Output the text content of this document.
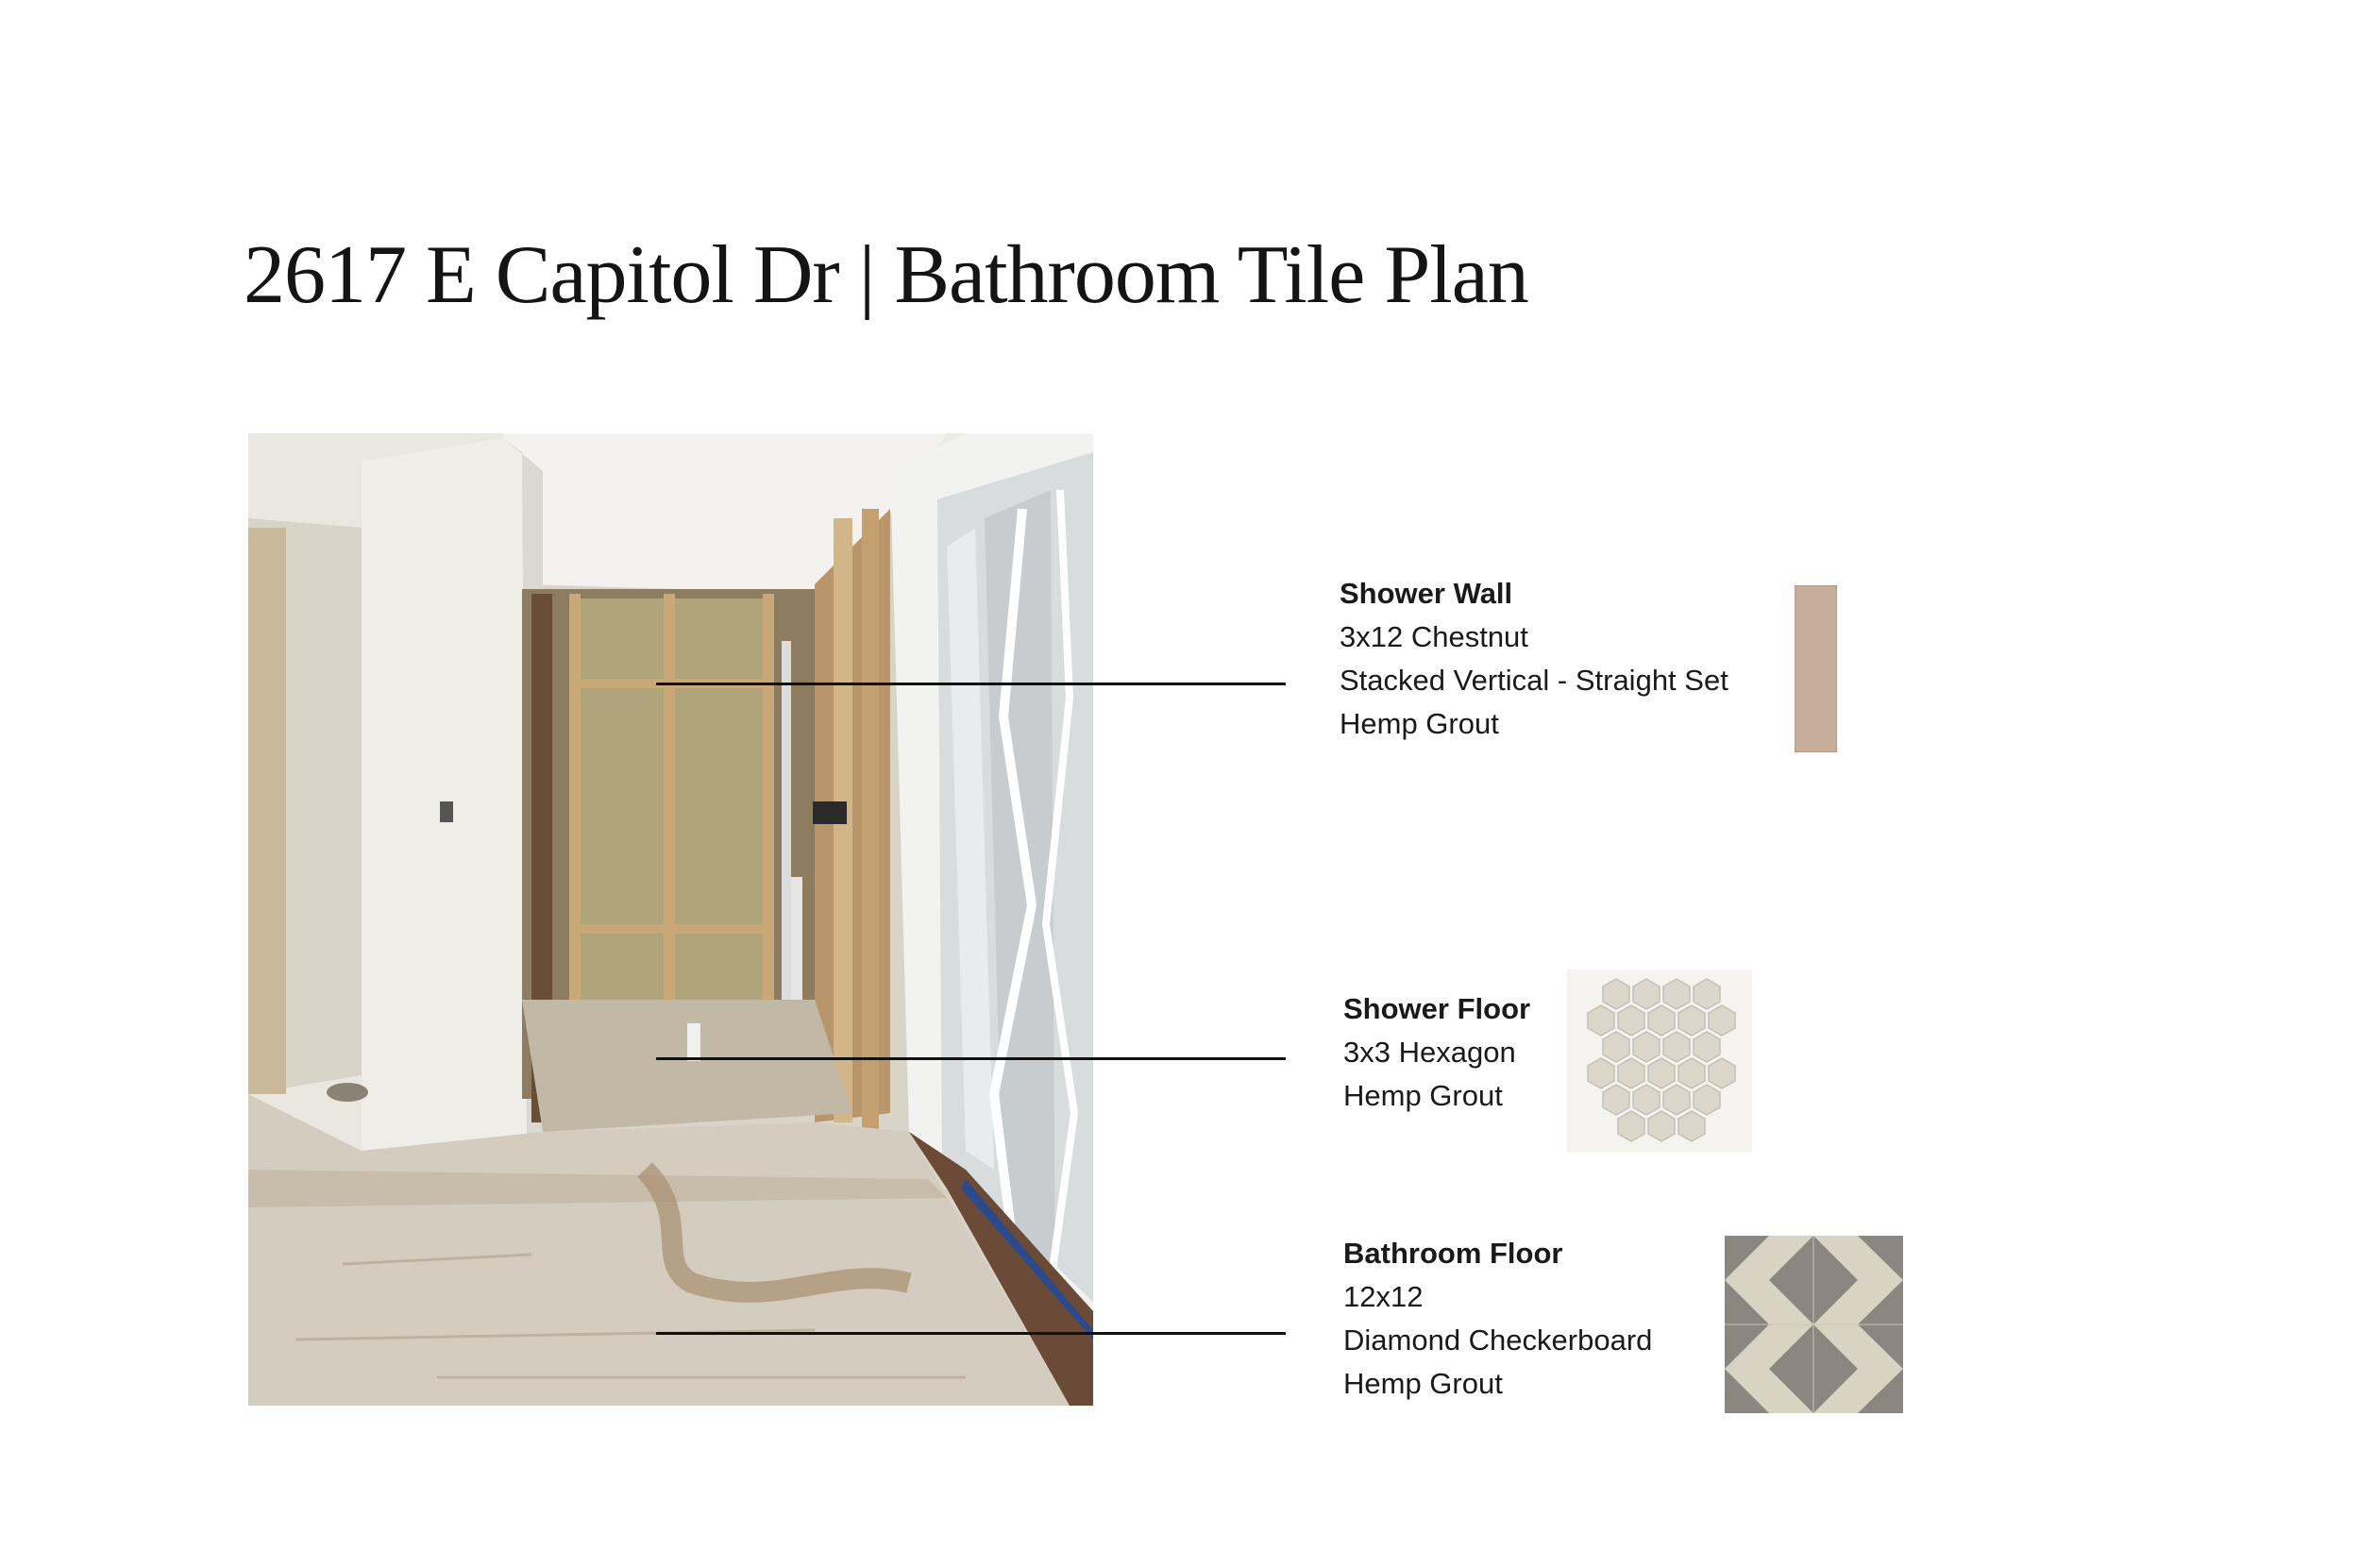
2617 E Capitol Dr | Bathroom Tile Plan
Shower Wall
3x12 Chestnut
Stacked Vertical - Straight Set
Hemp Grout
Shower Floor
3x3 Hexagon
Hemp Grout
Bathroom Floor
12x12
Diamond Checkerboard
Hemp Grout
